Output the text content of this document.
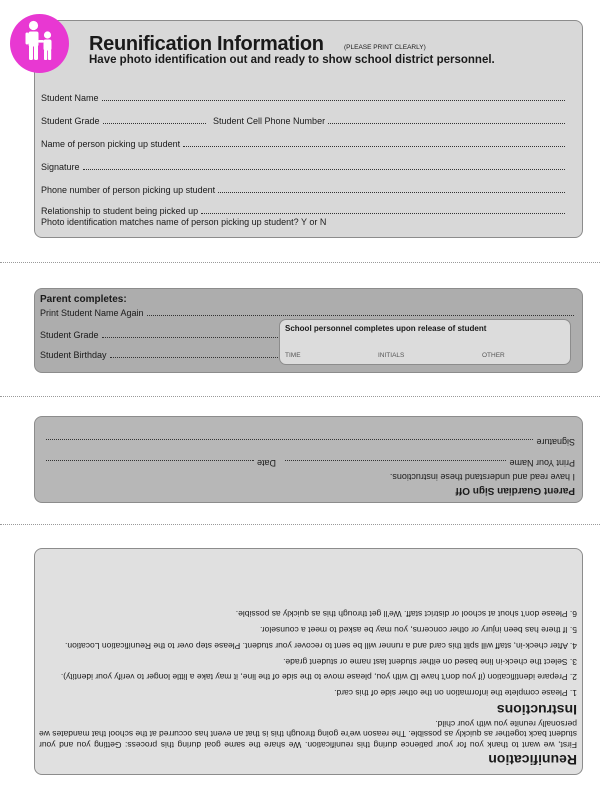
Reunification Information	(PLEASE PRINT CLEARLY)
Have photo identification out and ready to show school district personnel.
Student Name
Student Grade	Student Cell Phone Number
Name of person picking up student
Signature
Phone number of person picking up student
Relationship to student being picked up
Photo identification matches name of person picking up student? Y or N
Parent completes:
Print Student Name Again
Student Grade
Student Birthday
School personnel completes upon release of student
TIME	INITIALS	OTHER
Parent Guardian Sign Off
I have read and understand these instructions.
Print Your Name
Date
Signature
Reunification
First, we want to thank you for your patience during this reunification. We share the same goal during this process: Getting you and your student back together as quickly as possible. The reason we're going through this is that an event has occurred at the school that mandates we personally reunite you with your child.
Instructions
1. Please complete the information on the other side of this card.
2. Prepare identification (if you don't have ID with you, please move to the side of the line, it may take a little longer to verify your identity).
3. Select the check-in line based on either student last name or student grade.
4. After check-in, staff will split this card and a runner will be sent to recover your student. Please step over to the Reunification Location.
5. If there has been injury or other concerns, you may be asked to meet a counselor.
6. Please don't shout at school or district staff. We'll get through this as quickly as possible.
